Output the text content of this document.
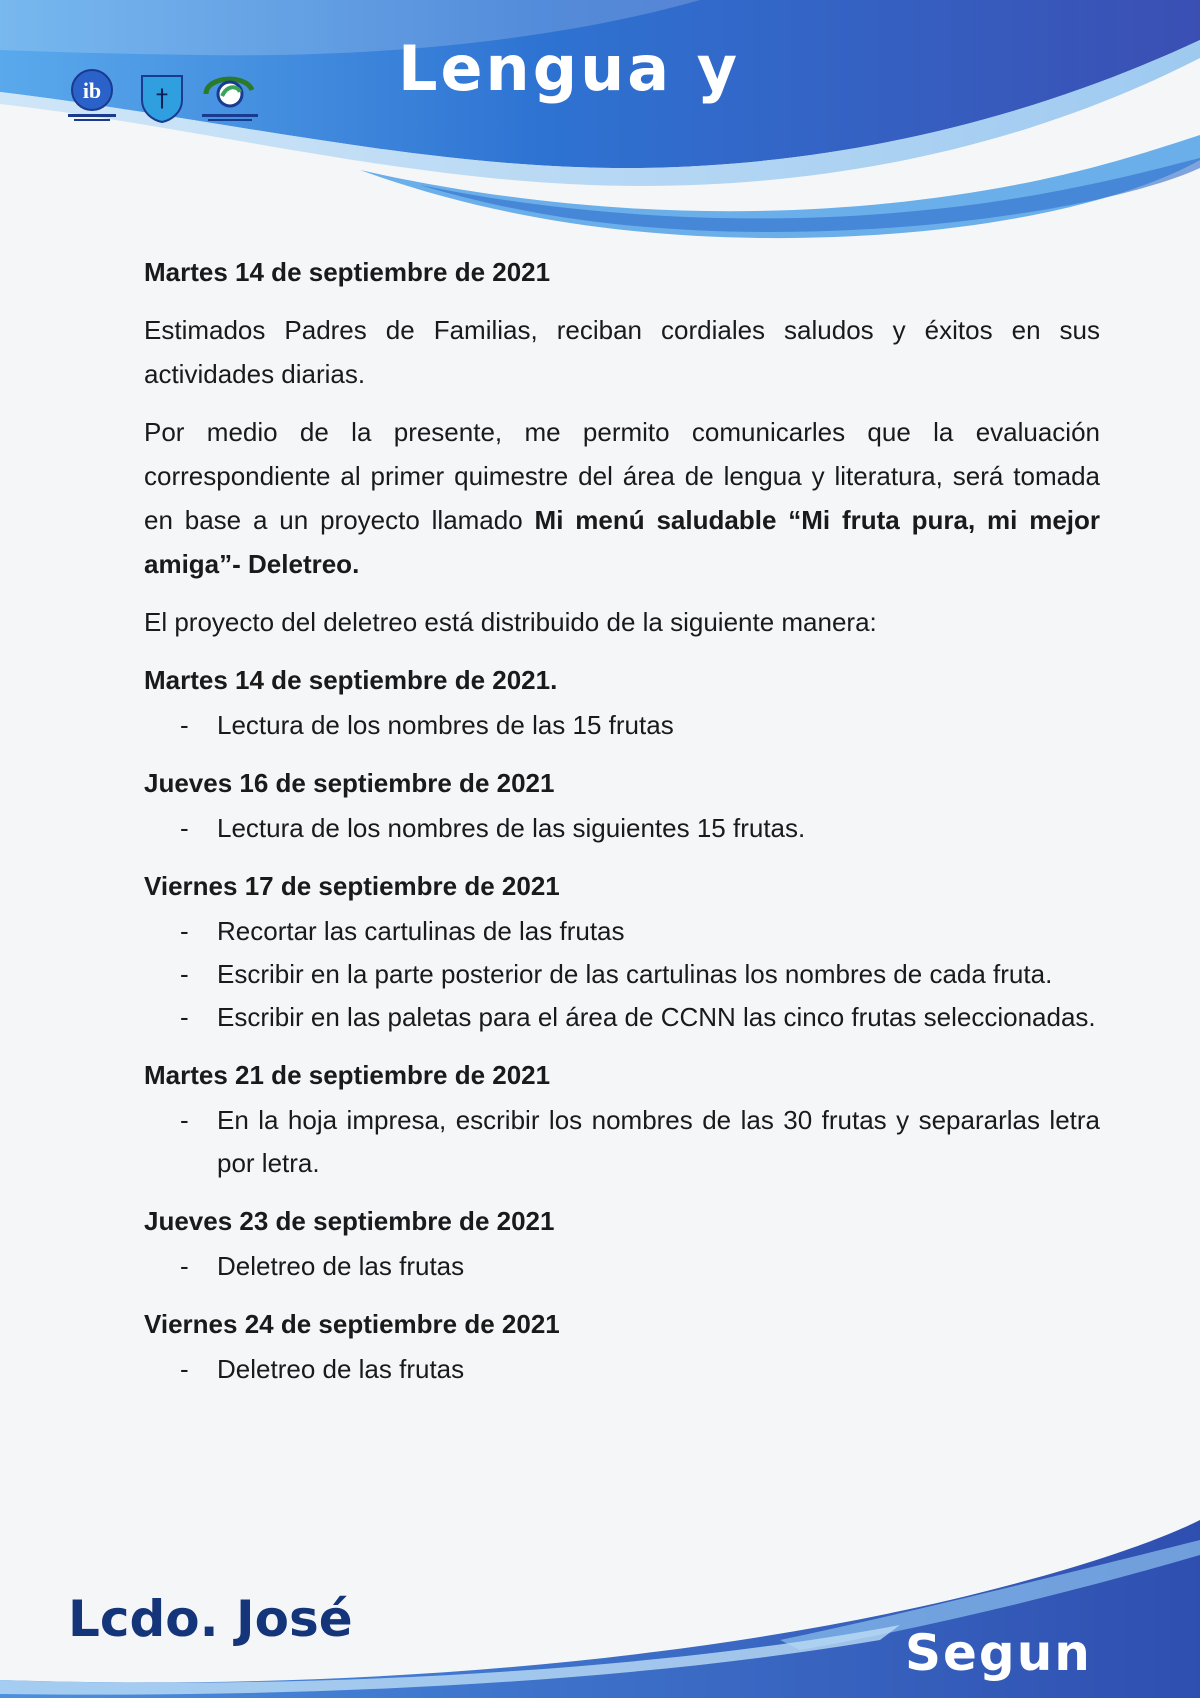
Lengua y
ib †

Martes 14 de septiembre de 2021

Estimados Padres de Familias, reciban cordiales saludos y éxitos en sus actividades diarias.

Por medio de la presente, me permito comunicarles que la evaluación correspondiente al primer quimestre del área de lengua y literatura, será tomada en base a un proyecto llamado Mi menú saludable “Mi fruta pura, mi mejor amiga”- Deletreo.

El proyecto del deletreo está distribuido de la siguiente manera:

Martes 14 de septiembre de 2021.

- Lectura de los nombres de las 15 frutas

Jueves 16 de septiembre de 2021

- Lectura de los nombres de las siguientes 15 frutas.

Viernes 17 de septiembre de 2021

- Recortar las cartulinas de las frutas
- Escribir en la parte posterior de las cartulinas los nombres de cada fruta.
- Escribir en las paletas para el área de CCNN las cinco frutas seleccionadas.

Martes 21 de septiembre de 2021

- En la hoja impresa, escribir los nombres de las 30 frutas y separarlas letra por letra.

Jueves 23 de septiembre de 2021

- Deletreo de las frutas

Viernes 24 de septiembre de 2021

- Deletreo de las frutas

Lcdo. José

Segun
